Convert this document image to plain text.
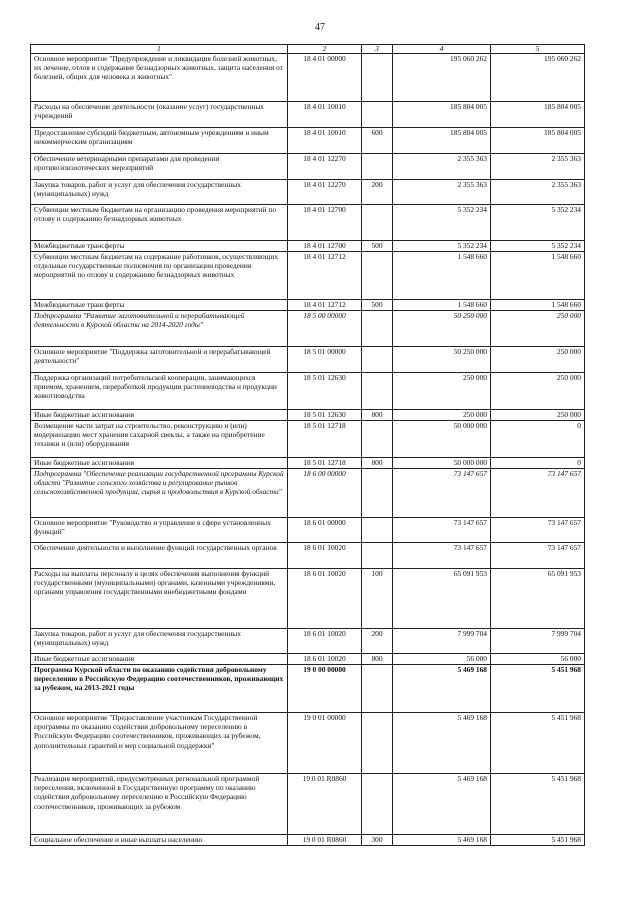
47
1	2	3	4	5
Основное мероприятие "Предупреждение и ликвидация болезней животных, их лечение, отлов и содержание безнадзорных животных, защита населения от болезней, общих для человека и животных"	18 4 01 00000		195 060 262	195 060 262
Расходы на обеспечение деятельности (оказание услуг) государственных учреждений	18 4 01 10010		185 804 005	185 804 005
Предоставление субсидий бюджетным, автономным учреждениям и иным некоммерческим организациям	18 4 01 10010	600	185 804 005	185 804 005
Обеспечение ветеринарными препаратами для проведения противоэпизоотических мероприятий	18 4 01 12270		2 355 363	2 355 363
Закупка товаров, работ и услуг для обеспечения государственных (муниципальных) нужд	18 4 01 12270	200	2 355 363	2 355 363
Субвенции местным бюджетам на организацию проведения мероприятий по отлову и содержанию безнадзорных животных	18 4 01 12700		5 352 234	5 352 234
Межбюджетные трансферты	18 4 01 12700	500	5 352 234	5 352 234
Субвенции местным бюджетам на содержание работников, осуществляющих отдельные государственные полномочия по организации проведения мероприятий по отлову и содержанию безнадзорных животных	18 4 01 12712		1 548 660	1 548 660
Межбюджетные трансферты	18 4 01 12712	500	1 548 660	1 548 660
Подпрограмма "Развитие заготовительной и перерабатывающей деятельности в Курской области на 2014-2020 годы"	18 5 00 00000		50 250 000	250 000
Основное мероприятие "Поддержка заготовительной и перерабатывающей деятельности"	18 5 01 00000		50 250 000	250 000
Поддержка организаций потребительской кооперации, занимающихся приемом, хранением, переработкой продукции растениеводства и продукции животноводства	18 5 01 12630		250 000	250 000
Иные бюджетные ассигнования	18 5 01 12630	800	250 000	250 000
Возмещение части затрат на строительство, реконструкцию и (или) модернизацию мест хранения сахарной свеклы, а также на приобретение техники и (или) оборудования	18 5 01 12718		50 000 000	0
Иные бюджетные ассигнования	18 5 01 12718	800	50 000 000	0
Подпрограмма "Обеспечение реализации государственной программы Курской области "Развитие сельского хозяйства и регулирование рынков сельскохозяйственной продукции, сырья и продовольствия в Курской области"	18 6 00 00000		73 147 657	73 147 657
Основное мероприятие "Руководство и управление в сфере установленных функций"	18 6 01 00000		73 147 657	73 147 657
Обеспечение деятельности и выполнение функций государственных органов	18 6 01 10020		73 147 657	73 147 657
Расходы на выплаты персоналу в целях обеспечения выполнения функций государственными (муниципальными) органами, казенными учреждениями, органами управления государственными внебюджетными фондами	18 6 01 10020	100	65 091 953	65 091 953
Закупка товаров, работ и услуг для обеспечения государственных (муниципальных) нужд	18 6 01 10020	200	7 999 704	7 999 704
Иные бюджетные ассигнования	18 6 01 10020	800	56 000	56 000
Программа Курской области по оказанию содействия добровольному переселению в Российскую Федерацию соотечественников, проживающих за рубежом, на 2013-2021 годы	19 0 00 00000		5 469 168	5 451 968
Основное мероприятие "Предоставление участникам Государственной программы по оказанию содействия добровольному переселению в Российскую Федерацию соотечественников, проживающих за рубежом, дополнительных гарантий и мер социальной поддержки"	19 0 01 00000		5 469 168	5 451 968
Реализация мероприятий, предусмотренных региональной программой переселения, включенной в Государственную программу по оказанию содействия добровольному переселению в Российскую Федерацию соотечественников, проживающих за рубежом	19 0 01 R0860		5 469 168	5 451 968
Социальное обеспечение и иные выплаты населению	19 0 01 R0860	300	5 469 168	5 451 968
